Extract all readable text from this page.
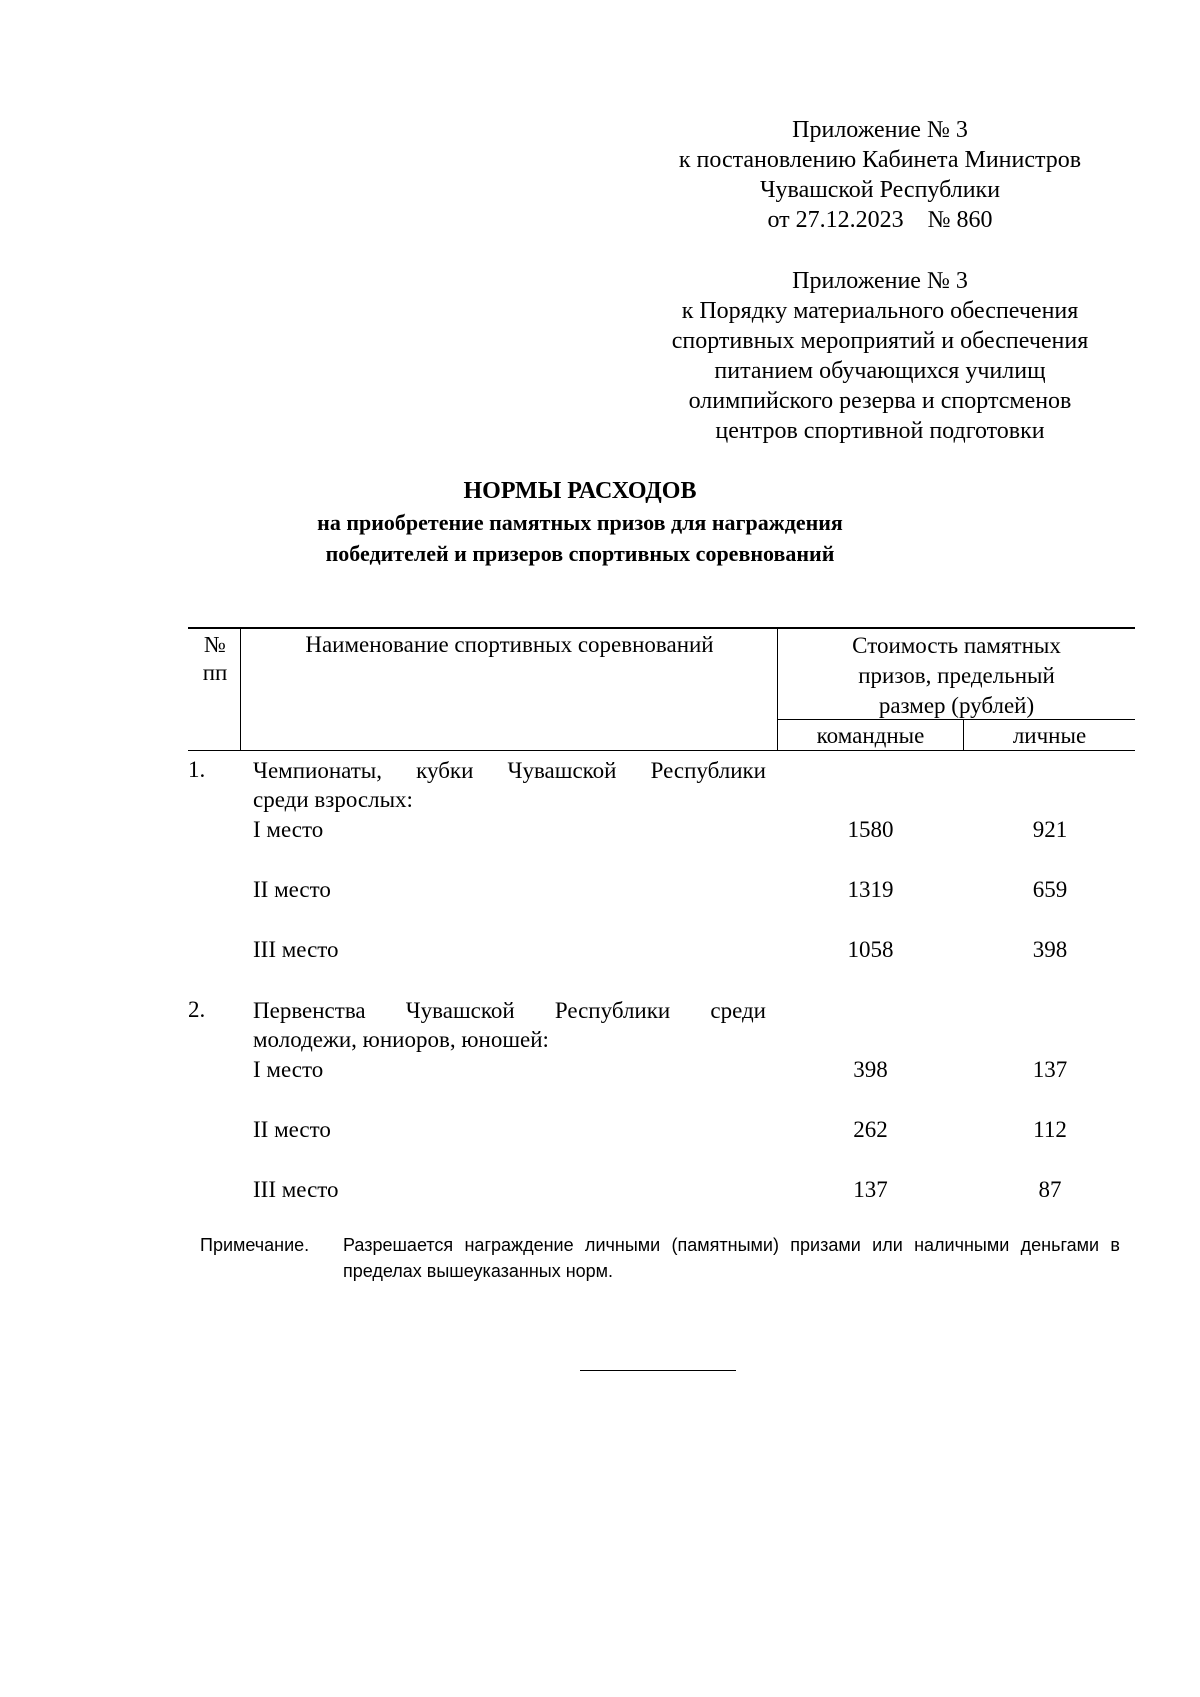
Приложение № 3
к постановлению Кабинета Министров
Чувашской Республики
от 27.12.2023    № 860
Приложение № 3
к Порядку материального обеспечения
спортивных мероприятий и обеспечения
питанием обучающихся училищ
олимпийского резерва и спортсменов
центров спортивной подготовки
НОРМЫ РАСХОДОВ
на приобретение памятных призов для награждения
победителей и призеров спортивных соревнований
№
пп
Наименование спортивных соревнований	Стоимость памятных
призов, предельный
размер (рублей)
командные	личные
1.	Чемпионаты, кубки Чувашской Республики
среди взрослых:
I место	1580	921
II место	1319	659
III место	1058	398
2.	Первенства Чувашской Республики среди
молодежи, юниоров, юношей:
I место	398	137
II место	262	112
III место	137	87
Примечание. Разрешается награждение личными (памятными) призами или наличными деньгами в пределах вышеуказанных норм.
